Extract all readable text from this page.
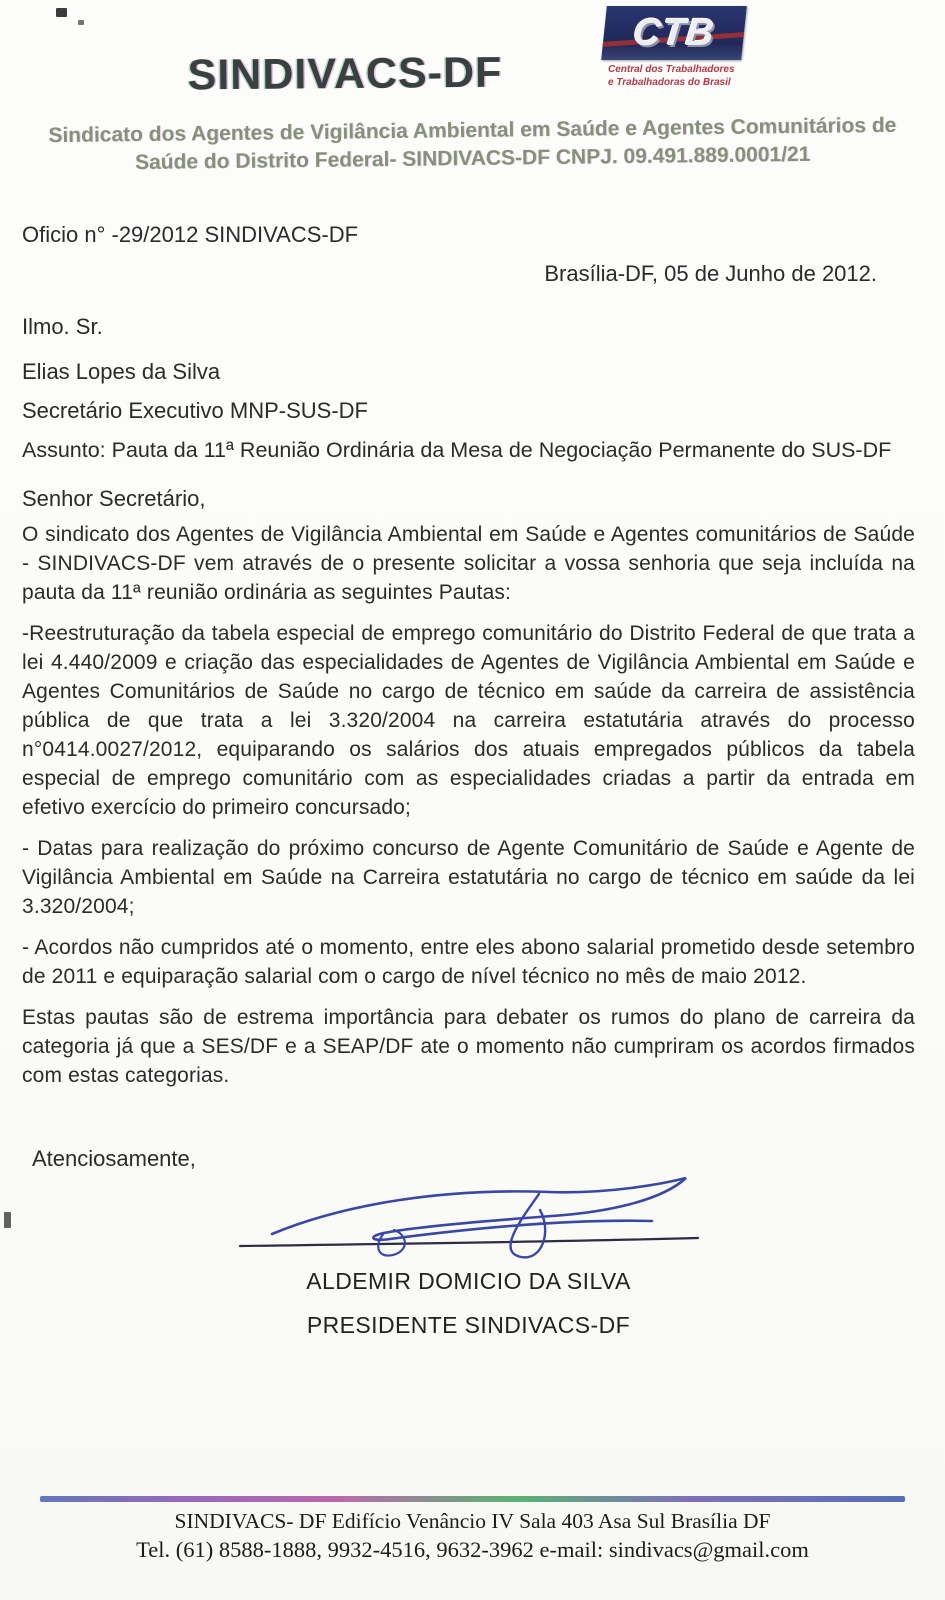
SINDIVACS-DF
CTB
Central dos Trabalhadores
e Trabalhadoras do Brasil
Sindicato dos Agentes de Vigilância Ambiental em Saúde e Agentes Comunitários de Saúde do Distrito Federal- SINDIVACS-DF CNPJ. 09.491.889.0001/21
Oficio n° -29/2012 SINDIVACS-DF
Brasília-DF, 05 de Junho de 2012.
Ilmo. Sr.
Elias Lopes da Silva
Secretário Executivo MNP-SUS-DF
Assunto: Pauta da 11ª Reunião Ordinária da Mesa de Negociação Permanente do SUS-DF
Senhor Secretário,

O sindicato dos Agentes de Vigilância Ambiental em Saúde e Agentes comunitários de Saúde - SINDIVACS-DF vem através de o presente solicitar a vossa senhoria que seja incluída na pauta da 11ª reunião ordinária as seguintes Pautas:

-Reestruturação da tabela especial de emprego comunitário do Distrito Federal de que trata a lei 4.440/2009 e criação das especialidades de Agentes de Vigilância Ambiental em Saúde e Agentes Comunitários de Saúde no cargo de técnico em saúde da carreira de assistência pública de que trata a lei 3.320/2004 na carreira estatutária através do processo n°0414.0027/2012, equiparando os salários dos atuais empregados públicos da tabela especial de emprego comunitário com as especialidades criadas a partir da entrada em efetivo exercício do primeiro concursado;

- Datas para realização do próximo concurso de Agente Comunitário de Saúde e Agente de Vigilância Ambiental em Saúde na Carreira estatutária no cargo de técnico em saúde da lei 3.320/2004;

- Acordos não cumpridos até o momento, entre eles abono salarial prometido desde setembro de 2011 e equiparação salarial com o cargo de nível técnico no mês de maio 2012.

Estas pautas são de estrema importância para debater os rumos do plano de carreira da categoria já que a SES/DF e a SEAP/DF ate o momento não cumpriram os acordos firmados com estas categorias.

Atenciosamente,
ALDEMIR DOMICIO DA SILVA
PRESIDENTE SINDIVACS-DF
SINDIVACS- DF Edifício Venâncio IV Sala 403 Asa Sul Brasília DF
Tel. (61) 8588-1888, 9932-4516, 9632-3962 e-mail: sindivacs@gmail.com
